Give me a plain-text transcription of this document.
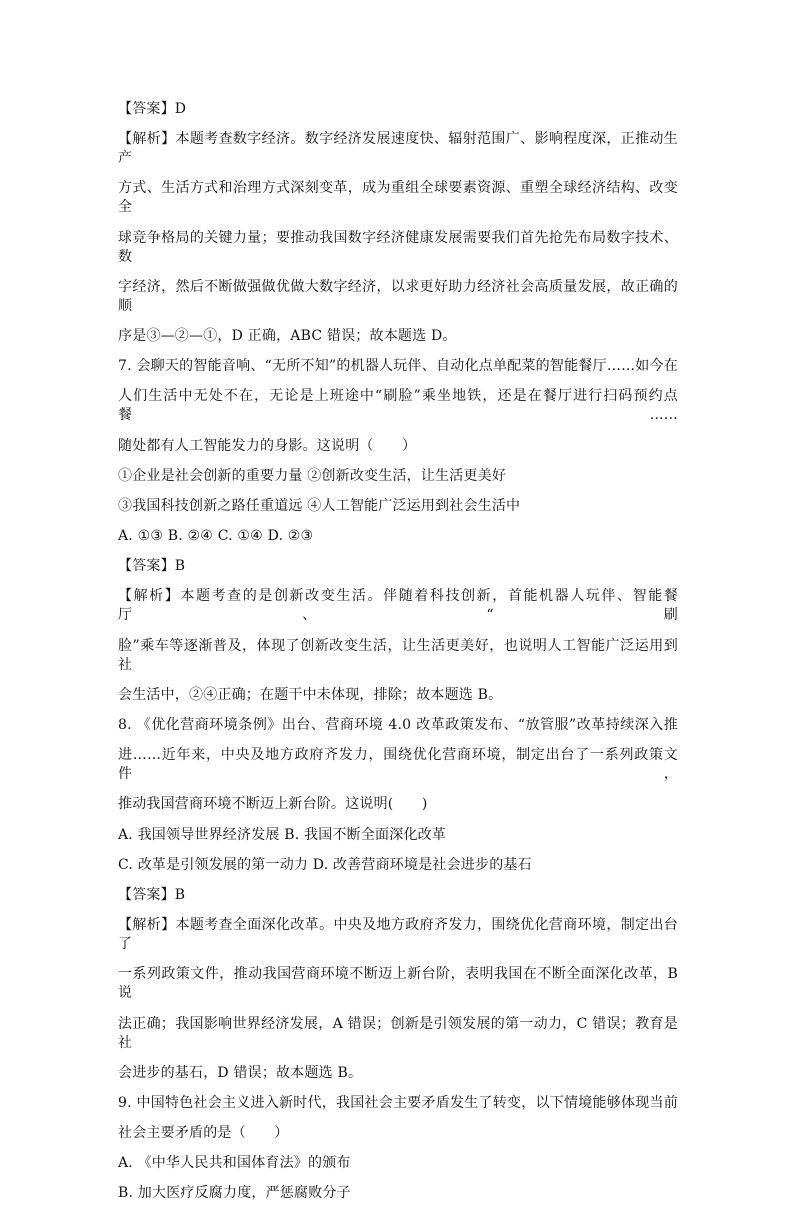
【答案】D
【解析】本题考查数字经济。数字经济发展速度快、辐射范围广、影响程度深，正推动生产
方式、生活方式和治理方式深刻变革，成为重组全球要素资源、重塑全球经济结构、改变全
球竞争格局的关键力量；要推动我国数字经济健康发展需要我们首先抢先布局数字技术、数
字经济，然后不断做强做优做大数字经济，以求更好助力经济社会高质量发展，故正确的顺
序是③—②—①，D 正确，ABC 错误；故本题选 D。
7. 会聊天的智能音响、“无所不知”的机器人玩伴、自动化点单配菜的智能餐厅……如今在
人们生活中无处不在，无论是上班途中“刷脸”乘坐地铁，还是在餐厅进行扫码预约点餐……
随处都有人工智能发力的身影。这说明（　　）
①企业是社会创新的重要力量 ②创新改变生活，让生活更美好
③我国科技创新之路任重道远 ④人工智能广泛运用到社会生活中
A. ①③ B. ②④ C. ①④ D. ②③
【答案】B
【解析】本题考查的是创新改变生活。伴随着科技创新，首能机器人玩伴、智能餐厅、“刷
脸”乘车等逐渐普及，体现了创新改变生活，让生活更美好，也说明人工智能广泛运用到社
会生活中，②④正确；在题干中未体现，排除；故本题选 B。
8. 《优化营商环境条例》出台、营商环境 4.0 改革政策发布、“放管服”改革持续深入推
进……近年来，中央及地方政府齐发力，围绕优化营商环境，制定出台了一系列政策文件，
推动我国营商环境不断迈上新台阶。这说明(　　)
A. 我国领导世界经济发展 B. 我国不断全面深化改革
C. 改革是引领发展的第一动力 D. 改善营商环境是社会进步的基石
【答案】B
【解析】本题考查全面深化改革。中央及地方政府齐发力，围绕优化营商环境，制定出台了
一系列政策文件，推动我国营商环境不断迈上新台阶，表明我国在不断全面深化改革，B 说
法正确；我国影响世界经济发展，A 错误；创新是引领发展的第一动力，C 错误；教育是社
会进步的基石，D 错误；故本题选 B。
9. 中国特色社会主义进入新时代，我国社会主要矛盾发生了转变，以下情境能够体现当前
社会主要矛盾的是（　　）
A. 《中华人民共和国体育法》的颁布
B. 加大医疗反腐力度，严惩腐败分子
